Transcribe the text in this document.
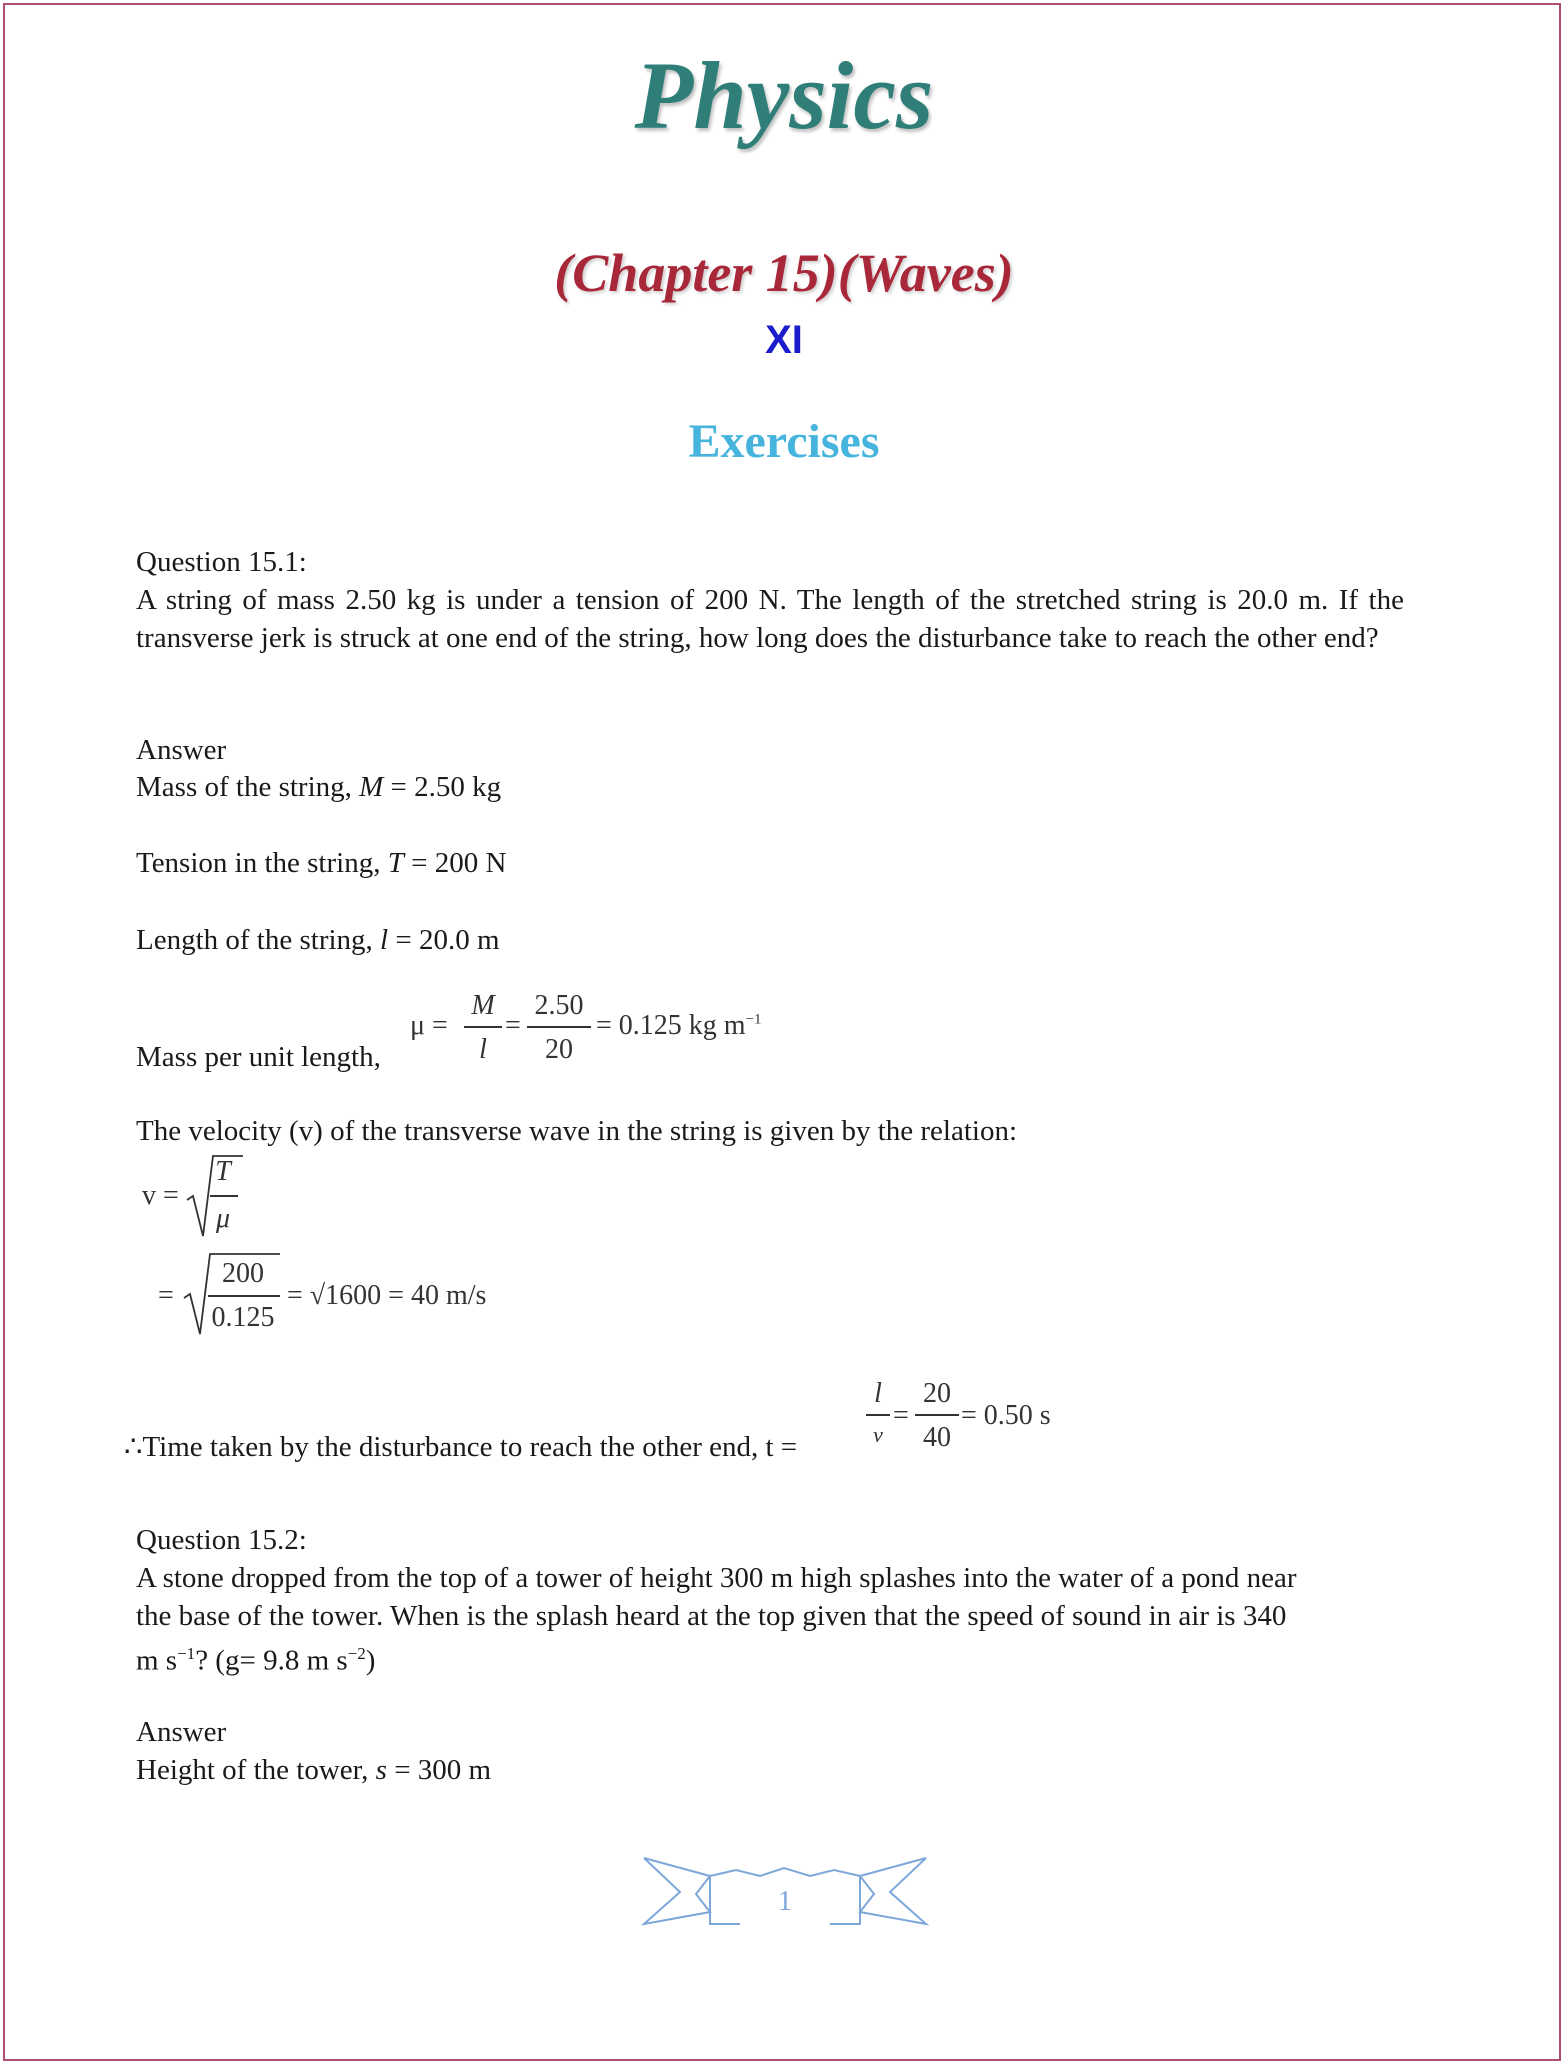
Physics
(Chapter 15)(Waves)
XI
Exercises
Question 15.1:
A string of mass 2.50 kg is under a tension of 200 N. The length of the stretched string is 20.0 m. If the transverse jerk is struck at one end of the string, how long does the disturbance take to reach the other end?
Answer
Mass of the string, M = 2.50 kg
Tension in the string, T = 200 N
Length of the string, l = 20.0 m
Mass per unit length,
μ =
M
l
=
2.50
20
= 0.125 kg $m^{-1}$
The velocity (v) of the transverse wave in the string is given by the relation:
v =
T
μ
=
200
0.125
= √1600 = 40 m/s
∴Time taken by the disturbance to reach the other end, t =
l
v
=
20
40
= 0.50 s
Question 15.2:
A stone dropped from the top of a tower of height 300 m high splashes into the water of a pond near
the base of the tower. When is the splash heard at the top given that the speed of sound in air is 340
m $s^{-1}$? (g= 9.8 m $s^{-2}$)
Answer
Height of the tower, s = 300 m
1
